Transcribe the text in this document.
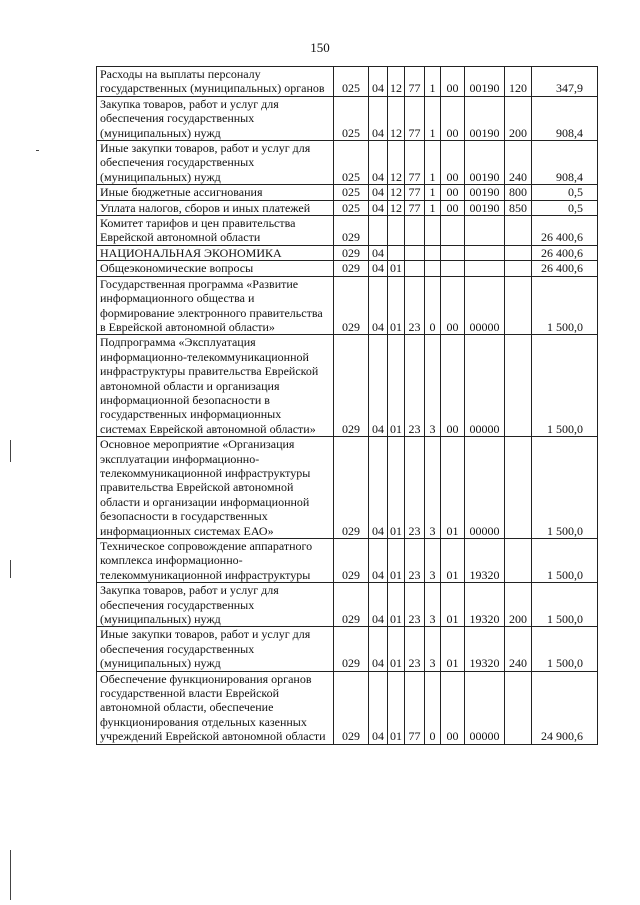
150
Расходы на выплаты персоналу государственных (муниципальных) органов	025	04	12	77	1	00	00190	120	347,9
Закупка товаров, работ и услуг для обеспечения государственных (муниципальных) нужд	025	04	12	77	1	00	00190	200	908,4
Иные закупки товаров, работ и услуг для обеспечения государственных (муниципальных) нужд	025	04	12	77	1	00	00190	240	908,4
Иные бюджетные ассигнования	025	04	12	77	1	00	00190	800	0,5
Уплата налогов, сборов и иных платежей	025	04	12	77	1	00	00190	850	0,5
Комитет тарифов и цен правительства Еврейской автономной области	029								26 400,6
НАЦИОНАЛЬНАЯ ЭКОНОМИКА	029	04							26 400,6
Общеэкономические вопросы	029	04	01						26 400,6
Государственная программа «Развитие информационного общества и формирование электронного правительства в Еврейской автономной области»	029	04	01	23	0	00	00000		1 500,0
Подпрограмма «Эксплуатация информационно-телекоммуникационной инфраструктуры правительства Еврейской автономной области и организация информационной безопасности в государственных информационных системах Еврейской автономной области»	029	04	01	23	3	00	00000		1 500,0
Основное мероприятие «Организация эксплуатации информационно-телекоммуникационной инфраструктуры правительства Еврейской автономной области и организации информационной безопасности в государственных информационных системах ЕАО»	029	04	01	23	3	01	00000		1 500,0
Техническое сопровождение аппаратного комплекса информационно-телекоммуникационной инфраструктуры	029	04	01	23	3	01	19320		1 500,0
Закупка товаров, работ и услуг для обеспечения государственных (муниципальных) нужд	029	04	01	23	3	01	19320	200	1 500,0
Иные закупки товаров, работ и услуг для обеспечения государственных (муниципальных) нужд	029	04	01	23	3	01	19320	240	1 500,0
Обеспечение функционирования органов государственной власти Еврейской автономной области, обеспечение функционирования отдельных казенных учреждений Еврейской автономной области	029	04	01	77	0	00	00000		24 900,6
